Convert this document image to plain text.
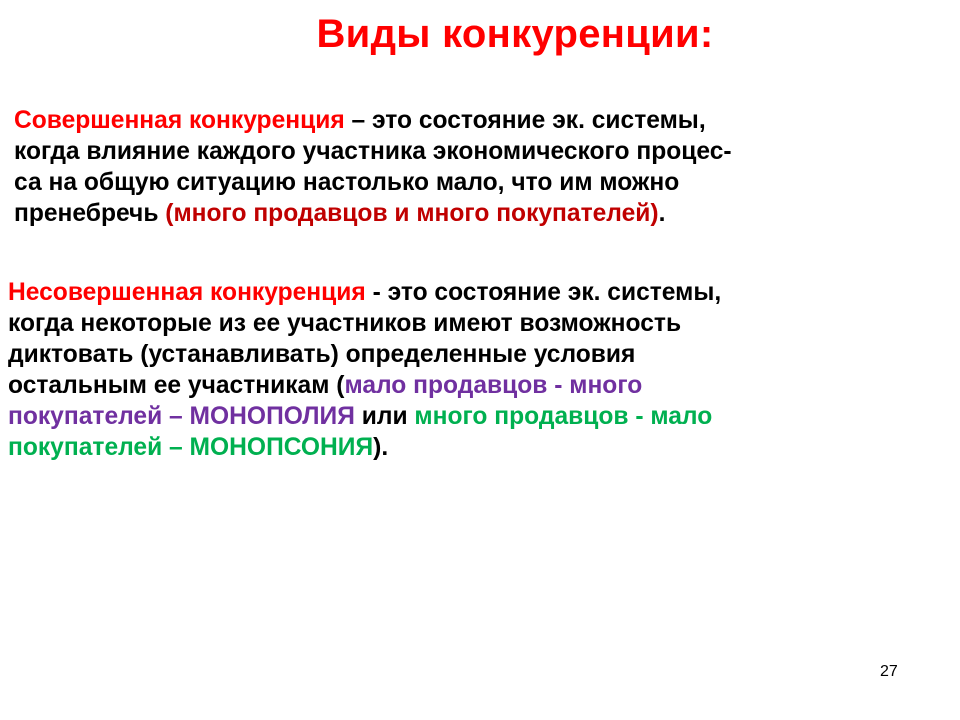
Виды конкуренции:
Совершенная конкуренция – это состояние эк. системы,
когда влияние каждого участника экономического процес-
са на общую ситуацию настолько мало, что им можно
пренебречь (много продавцов и много покупателей).
Несовершенная конкуренция - это состояние эк. системы,
когда некоторые из ее участников имеют возможность
диктовать (устанавливать) определенные условия
остальным ее участникам (мало продавцов - много
покупателей – МОНОПОЛИЯ или много продавцов - мало
покупателей – МОНОПСОНИЯ).
27
